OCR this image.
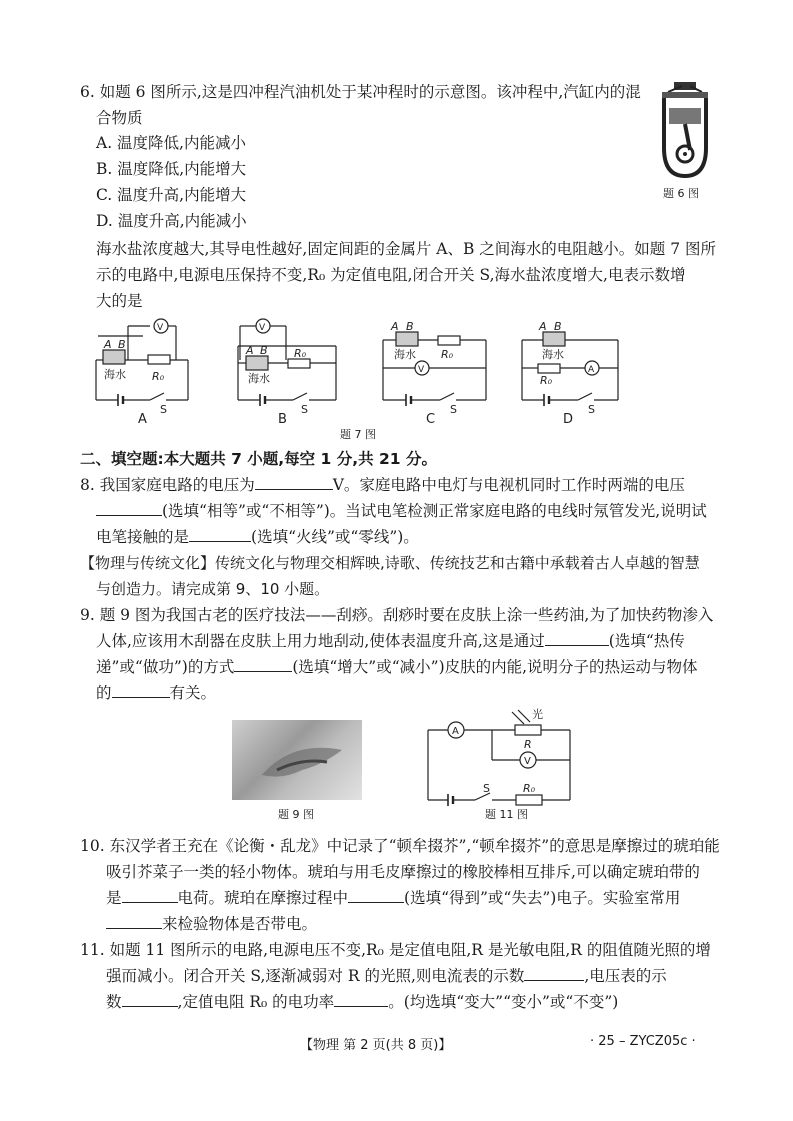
6. 如题 6 图所示,这是四冲程汽油机处于某冲程时的示意图。该冲程中,汽缸内的混
合物质
A. 温度降低,内能减小
B. 温度降低,内能增大
C. 温度升高,内能增大
D. 温度升高,内能减小
题 6 图
海水盐浓度越大,其导电性越好,固定间距的金属片 A、B 之间海水的电阻越小。如题 7 图所
示的电路中,电源电压保持不变,R₀ 为定值电阻,闭合开关 S,海水盐浓度增大,电表示数增
大的是
V
A B
海水 R₀
S
A
V
A B
海水
R₀
S
B
A B
海水 R₀
V
S
C
A B
海水
R₀
A
S
D
题 7 图
二、填空题:本大题共 7 小题,每空 1 分,共 21 分。
8. 我国家庭电路的电压为	V。家庭电路中电灯与电视机同时工作时两端的电压
(选填“相等”或“不相等”)。当试电笔检测正常家庭电路的电线时氖管发光,说明试
电笔接触的是	(选填“火线”或“零线”)。
【物理与传统文化】传统文化与物理交相辉映,诗歌、传统技艺和古籍中承载着古人卓越的智慧
与创造力。请完成第 9、10 小题。
9. 题 9 图为我国古老的医疗技法——刮痧。刮痧时要在皮肤上涂一些药油,为了加快药物渗入
人体,应该用木刮器在皮肤上用力地刮动,使体表温度升高,这是通过	(选填“热传
递”或“做功”)的方式	(选填“增大”或“减小”)皮肤的内能,说明分子的热运动与物体
的	有关。
题 9 图
A
V
光
R
S	R₀
题 11 图
10. 东汉学者王充在《论衡・乱龙》中记录了“顿牟掇芥”,“顿牟掇芥”的意思是摩擦过的琥珀能
吸引芥菜子一类的轻小物体。琥珀与用毛皮摩擦过的橡胶棒相互排斥,可以确定琥珀带的
是	电荷。琥珀在摩擦过程中	(选填“得到”或“失去”)电子。实验室常用
来检验物体是否带电。
11. 如题 11 图所示的电路,电源电压不变,R₀ 是定值电阻,R 是光敏电阻,R 的阻值随光照的增
强而减小。闭合开关 S,逐渐减弱对 R 的光照,则电流表的示数	,电压表的示
数	,定值电阻 R₀ 的电功率	。(均选填“变大”“变小”或“不变”)
【物理 第 2 页(共 8 页)】	· 25 – ZYCZ05c ·
